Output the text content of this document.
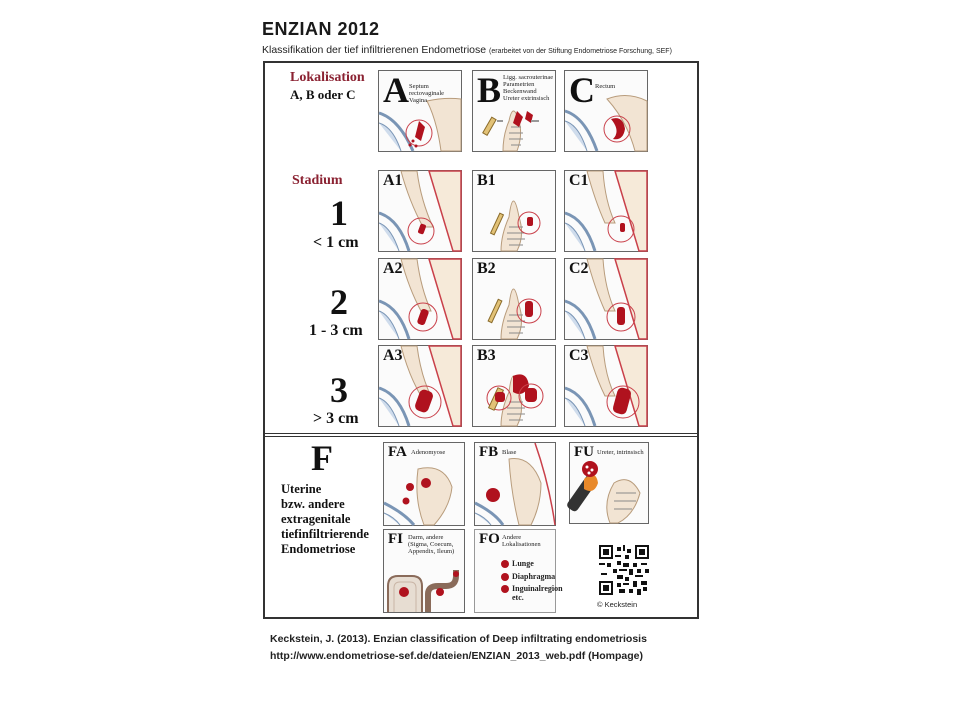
ENZIAN 2012
Klassifikation der tief infiltrierenen Endometriose (erarbeitet von der Stiftung Endometriose Forschung, SEF)
Lokalisation
A, B oder C A Septum rectovaginale
Vagina	B Ligg. sacrouterinae
Parametrien
Beckenwand
Ureter extrinsisch C Rectum
Stadium
1
< 1 cm
2
1 - 3 cm
3
> 3 cm
A1	B1	C1
A2	B2	C2
A3	B3	C3
F
Uterine
bzw. andere
extragenitale
tiefinfiltrierende
Endometriose
FA Adenomyose FB Blase	FU Ureter, intrinsisch
FI Darm, andere
(Sigma, Coecum,
Appendix, Ileum)
FO Andere
Lokalisationen
Lunge
Diaphragma
Inguinalregion
etc.
© Keckstein
Keckstein, J. (2013). Enzian classification of Deep infiltrating endometriosis
http://www.endometriose-sef.de/dateien/ENZIAN_2013_web.pdf (Hompage)
